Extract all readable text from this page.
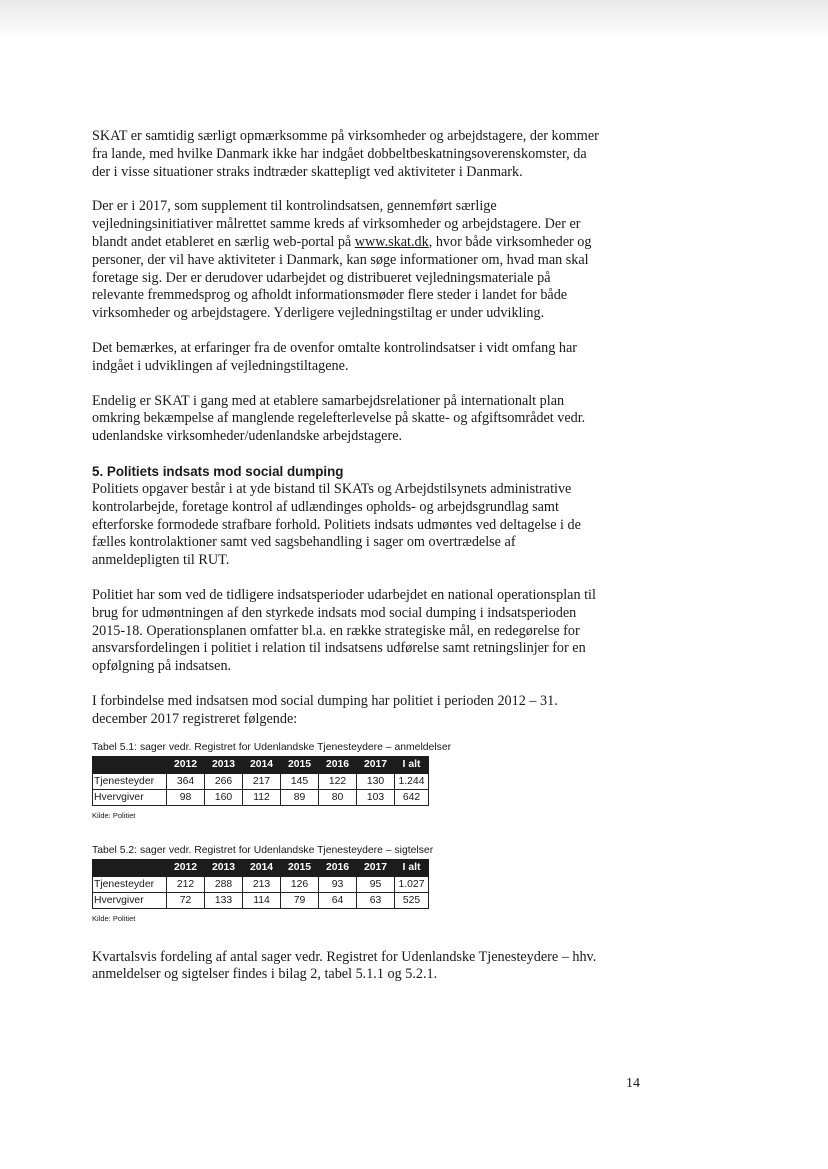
SKAT er samtidig særligt opmærksomme på virksomheder og arbejdstagere, der kommer fra lande, med hvilke Danmark ikke har indgået dobbeltbeskatningsoverenskomster, da der i visse situationer straks indtræder skattepligt ved aktiviteter i Danmark.

Der er i 2017, som supplement til kontrolindsatsen, gennemført særlige vejledningsinitiativer målrettet samme kreds af virksomheder og arbejdstagere. Der er blandt andet etableret en særlig web-portal på www.skat.dk, hvor både virksomheder og personer, der vil have aktiviteter i Danmark, kan søge informationer om, hvad man skal foretage sig. Der er derudover udarbejdet og distribueret vejledningsmateriale på relevante fremmedsprog og afholdt informationsmøder flere steder i landet for både virksomheder og arbejdstagere. Yderligere vejledningstiltag er under udvikling.

Det bemærkes, at erfaringer fra de ovenfor omtalte kontrolindsatser i vidt omfang har indgået i udviklingen af vejledningstiltagene.

Endelig er SKAT i gang med at etablere samarbejdsrelationer på internationalt plan omkring bekæmpelse af manglende regelefterlevelse på skatte- og afgiftsområdet vedr. udenlandske virksomheder/udenlandske arbejdstagere.

5. Politiets indsats mod social dumping

Politiets opgaver består i at yde bistand til SKATs og Arbejdstilsynets administrative kontrolarbejde, foretage kontrol af udlændinges opholds- og arbejdsgrundlag samt efterforske formodede strafbare forhold. Politiets indsats udmøntes ved deltagelse i de fælles kontrolaktioner samt ved sagsbehandling i sager om overtrædelse af anmeldepligten til RUT.

Politiet har som ved de tidligere indsatsperioder udarbejdet en national operationsplan til brug for udmøntningen af den styrkede indsats mod social dumping i indsatsperioden 2015-18. Operationsplanen omfatter bl.a. en række strategiske mål, en redegørelse for ansvarsfordelingen i politiet i relation til indsatsens udførelse samt retningslinjer for en opfølgning på indsatsen.

I forbindelse med indsatsen mod social dumping har politiet i perioden 2012 – 31. december 2017 registreret følgende:

Tabel 5.1: sager vedr. Registret for Udenlandske Tjenesteydere – anmeldelser

	2012	2013	2014	2015	2016	2017	I alt
Tjenesteyder	364	266	217	145	122	130	1.244
Hvervgiver	98	160	112	89	80	103	642

Kilde: Politiet

Tabel 5.2: sager vedr. Registret for Udenlandske Tjenesteydere – sigtelser

	2012	2013	2014	2015	2016	2017	I alt
Tjenesteyder	212	288	213	126	93	95	1.027
Hvervgiver	72	133	114	79	64	63	525

Kilde: Politiet

Kvartalsvis fordeling af antal sager vedr. Registret for Udenlandske Tjenesteydere – hhv. anmeldelser og sigtelser findes i bilag 2, tabel 5.1.1 og 5.2.1.

14
